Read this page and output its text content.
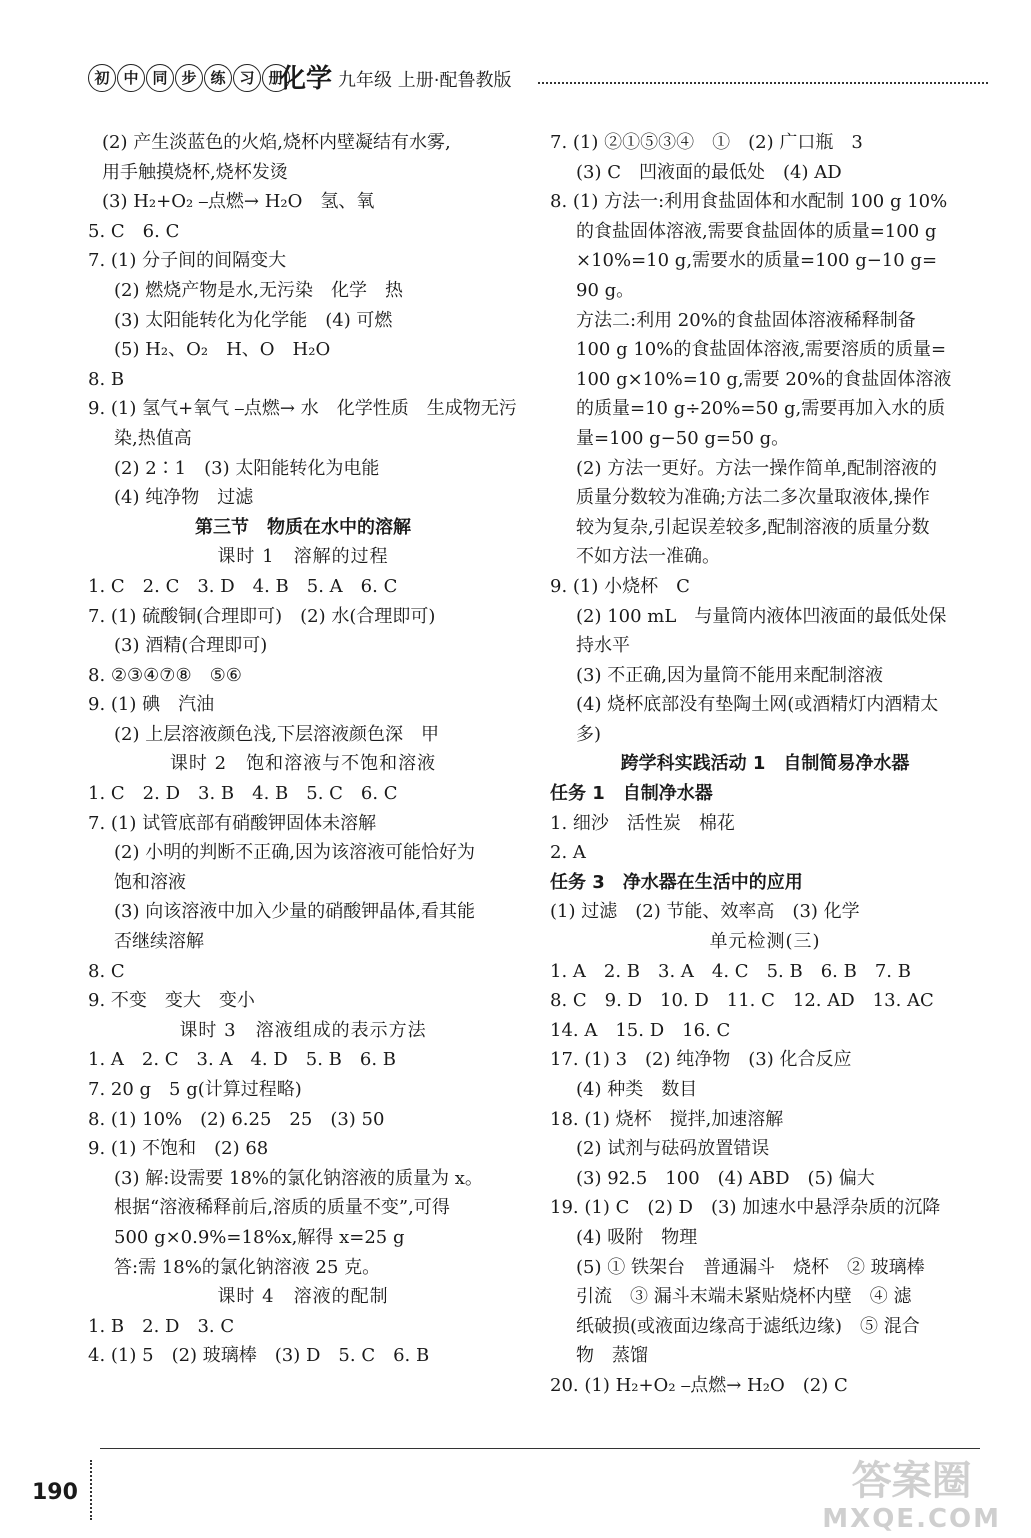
初 中 同 步 练 习 册
化学 九年级 上册·配鲁教版
(2) 产生淡蓝色的火焰,烧杯内壁凝结有水雾,
用手触摸烧杯,烧杯发烫
(3) H₂+O₂ ⎯点燃→ H₂O　氢、氧
5. C　6. C
7. (1) 分子间的间隔变大
(2) 燃烧产物是水,无污染　化学　热
(3) 太阳能转化为化学能　(4) 可燃
(5) H₂、O₂　H、O　H₂O
8. B
9. (1) 氢气+氧气 ⎯点燃→ 水　化学性质　生成物无污
染,热值高
(2) 2∶1　(3) 太阳能转化为电能
(4) 纯净物　过滤
第三节　物质在水中的溶解
课时 1　溶解的过程
1. C　2. C　3. D　4. B　5. A　6. C
7. (1) 硫酸铜(合理即可)　(2) 水(合理即可)
(3) 酒精(合理即可)
8. ②③④⑦⑧　⑤⑥
9. (1) 碘　汽油
(2) 上层溶液颜色浅,下层溶液颜色深　甲
课时 2　饱和溶液与不饱和溶液
1. C　2. D　3. B　4. B　5. C　6. C
7. (1) 试管底部有硝酸钾固体未溶解
(2) 小明的判断不正确,因为该溶液可能恰好为
饱和溶液
(3) 向该溶液中加入少量的硝酸钾晶体,看其能
否继续溶解
8. C
9. 不变　变大　变小
课时 3　溶液组成的表示方法
1. A　2. C　3. A　4. D　5. B　6. B
7. 20 g　5 g(计算过程略)
8. (1) 10%　(2) 6.25　25　(3) 50
9. (1) 不饱和　(2) 68
(3) 解:设需要 18%的氯化钠溶液的质量为 x。
根据“溶液稀释前后,溶质的质量不变”,可得
500 g×0.9%=18%x,解得 x=25 g
答:需 18%的氯化钠溶液 25 克。
课时 4　溶液的配制
1. B　2. D　3. C
4. (1) 5　(2) 玻璃棒　(3) D　5. C　6. B
7. (1) ②①⑤③④　①　(2) 广口瓶　3
(3) C　凹液面的最低处　(4) AD
8. (1) 方法一:利用食盐固体和水配制 100 g 10%
的食盐固体溶液,需要食盐固体的质量=100 g
×10%=10 g,需要水的质量=100 g−10 g=
90 g。
方法二:利用 20%的食盐固体溶液稀释制备
100 g 10%的食盐固体溶液,需要溶质的质量=
100 g×10%=10 g,需要 20%的食盐固体溶液
的质量=10 g÷20%=50 g,需要再加入水的质
量=100 g−50 g=50 g。
(2) 方法一更好。方法一操作简单,配制溶液的
质量分数较为准确;方法二多次量取液体,操作
较为复杂,引起误差较多,配制溶液的质量分数
不如方法一准确。
9. (1) 小烧杯　C
(2) 100 mL　与量筒内液体凹液面的最低处保
持水平
(3) 不正确,因为量筒不能用来配制溶液
(4) 烧杯底部没有垫陶土网(或酒精灯内酒精太
多)
跨学科实践活动 1　自制简易净水器
任务 1　自制净水器
1. 细沙　活性炭　棉花
2. A
任务 3　净水器在生活中的应用
(1) 过滤　(2) 节能、效率高　(3) 化学
单元检测(三)
1. A　2. B　3. A　4. C　5. B　6. B　7. B
8. C　9. D　10. D　11. C　12. AD　13. AC
14. A　15. D　16. C
17. (1) 3　(2) 纯净物　(3) 化合反应
(4) 种类　数目
18. (1) 烧杯　搅拌,加速溶解
(2) 试剂与砝码放置错误
(3) 92.5　100　(4) ABD　(5) 偏大
19. (1) C　(2) D　(3) 加速水中悬浮杂质的沉降
(4) 吸附　物理
(5) ① 铁架台　普通漏斗　烧杯　② 玻璃棒
引流　③ 漏斗末端未紧贴烧杯内壁　④ 滤
纸破损(或液面边缘高于滤纸边缘)　⑤ 混合
物　蒸馏
20. (1) H₂+O₂ ⎯点燃→ H₂O　(2) C
190	答案圈
MXQE.COM
